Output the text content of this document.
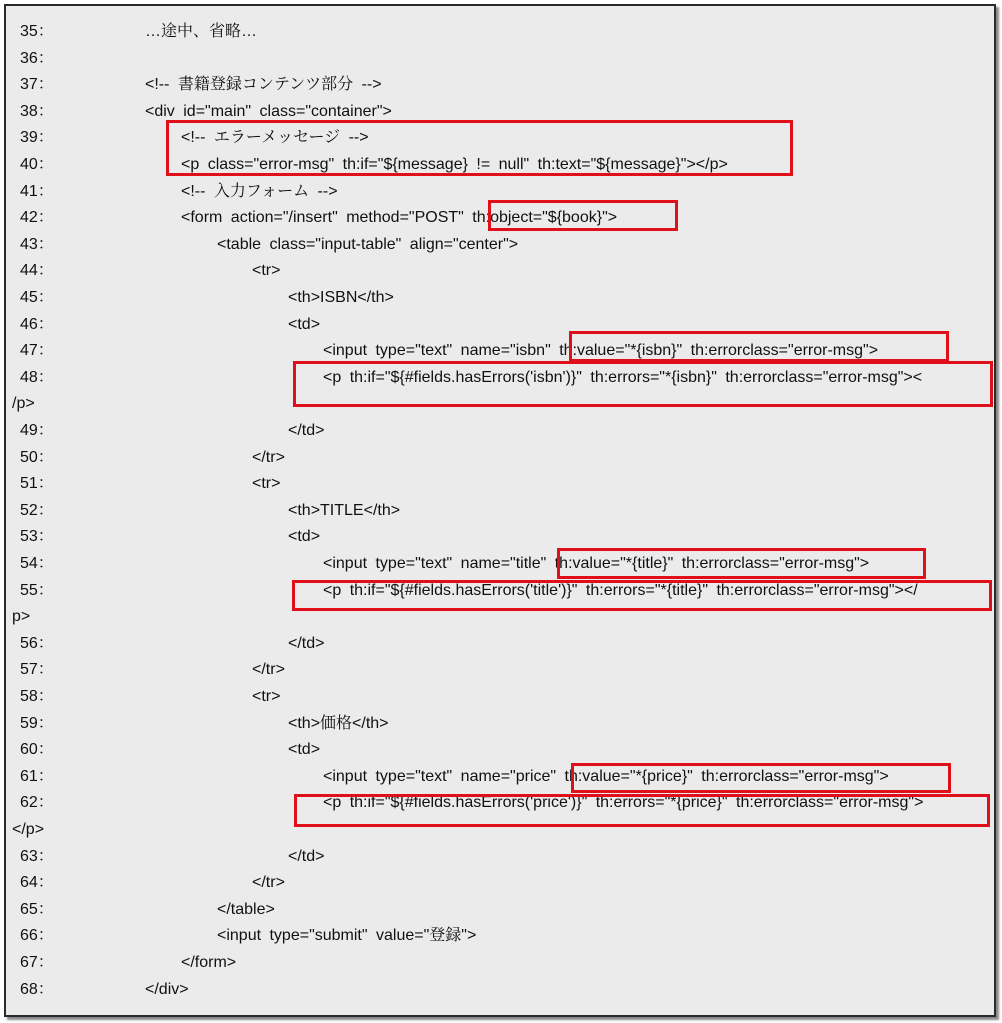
35：	…途中、省略…
36：
37：	<!-- 書籍登録コンテンツ部分 -->
38：	<div id="main" class="container">
39：	<!-- エラーメッセージ -->
40：	<p class="error-msg" th:if="${message} != null" th:text="${message}"></p>
41：	<!-- 入力フォーム -->
42：	<form action="/insert" method="POST" th:object="${book}">
43：	<table class="input-table" align="center">
44：	<tr>
45：	<th>ISBN</th>
46：	<td>
47：	<input type="text" name="isbn" th:value="*{isbn}" th:errorclass="error-msg">
48：	<p th:if="${#fields.hasErrors('isbn')}" th:errors="*{isbn}" th:errorclass="error-msg"><
/p>
49：	</td>
50：	</tr>
51：	<tr>
52：	<th>TITLE</th>
53：	<td>
54：	<input type="text" name="title" th:value="*{title}" th:errorclass="error-msg">
55：	<p th:if="${#fields.hasErrors('title')}" th:errors="*{title}" th:errorclass="error-msg"></
p>
56：	</td>
57：	</tr>
58：	<tr>
59：	<th>価格</th>
60：	<td>
61：	<input type="text" name="price" th:value="*{price}" th:errorclass="error-msg">
62：	<p th:if="${#fields.hasErrors('price')}" th:errors="*{price}" th:errorclass="error-msg">
</p>
63：	</td>
64：	</tr>
65：	</table>
66：	<input type="submit" value="登録">
67：	</form>
68：	</div>
